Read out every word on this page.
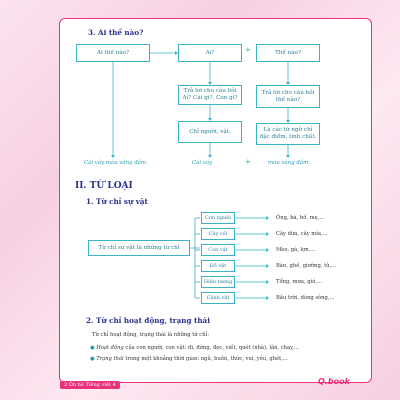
3. Ai thế nào?
Ai thế nào?	Ai?	+	Thế nào?
Trả lời cho câu hỏi Ai? Cái gì?, Con gì?
Trả lời cho câu hỏi thế nào?
Chỉ người, vật.	Là các từ ngữ chỉ đặc điểm, tính chất.
Cái váy màu vàng đậm.	Cái váy	+	màu vàng đậm.
II. TỪ LOẠI
1. Từ chỉ sự vật
Từ chỉ sự vật là những từ chỉ
Con người	Ông, bà, bố, mẹ,...
Cây cối	Cây dừa, cây mía,...
Con vật	Mèo, gà, lợn,...
Đồ vật	Bàn, ghế, giường, tủ,...
Hiện tượng	Tổng, mưa, gió,...
Cảnh vật	Bầu trời, dòng sông,...
2. Từ chỉ hoạt động, trạng thái
Từ chỉ hoạt động, trạng thái là những từ chỉ:
● Hoạt động của con người, con vật: đi, đứng, đọc, viết, quét (nhà), lăn, chạy,...
● Trạng thái trong một khoảng thời gian: ngủ, buồn, thức, vui, yêu, ghét,...
2 Ôn hè Tiếng việt 4	Q.book
